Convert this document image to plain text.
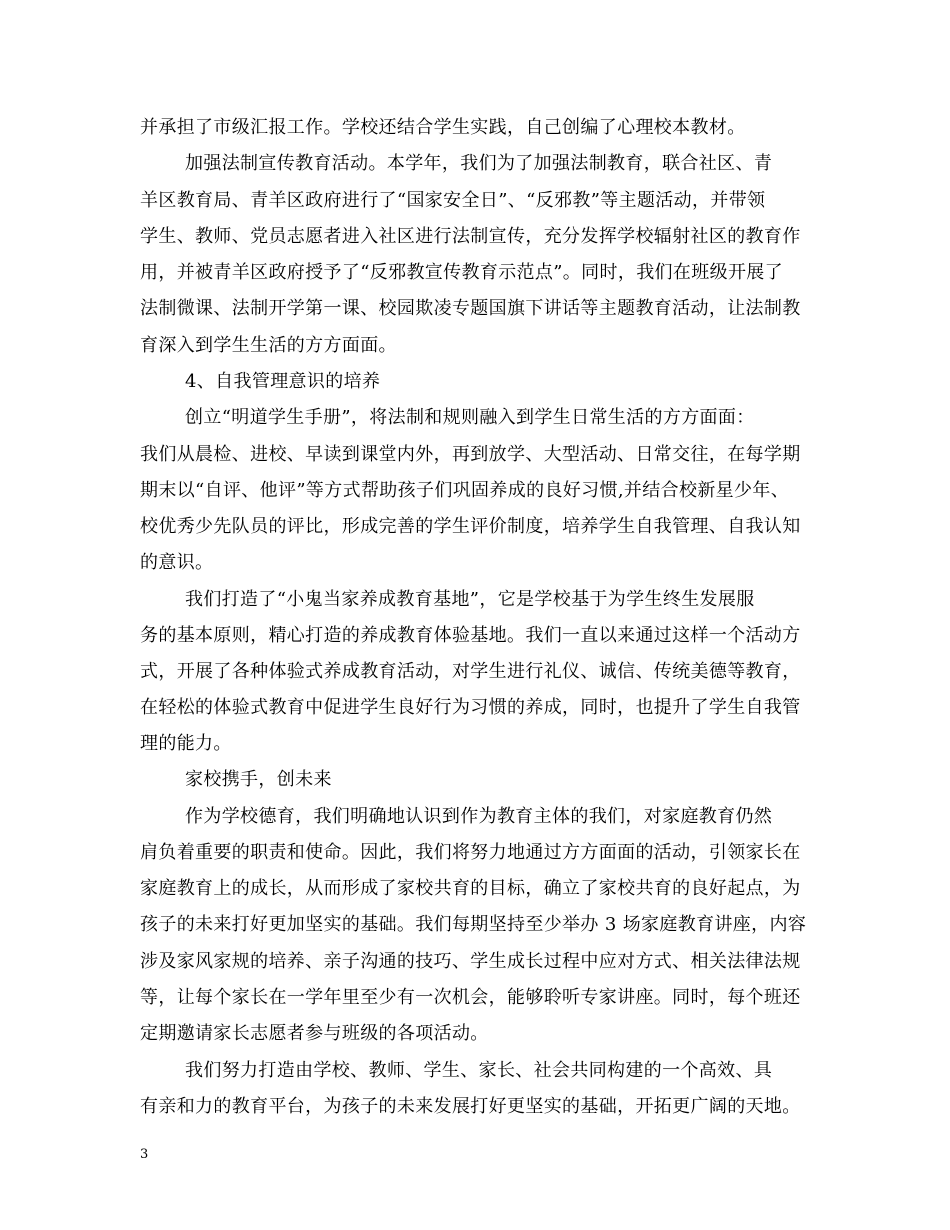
并承担了市级汇报工作。学校还结合学生实践，自己创编了心理校本教材。
加强法制宣传教育活动。本学年，我们为了加强法制教育，联合社区、青
羊区教育局、青羊区政府进行了“国家安全日”、“反邪教”等主题活动，并带领
学生、教师、党员志愿者进入社区进行法制宣传，充分发挥学校辐射社区的教育作
用，并被青羊区政府授予了“反邪教宣传教育示范点”。同时，我们在班级开展了
法制微课、法制开学第一课、校园欺凌专题国旗下讲话等主题教育活动，让法制教
育深入到学生生活的方方面面。
4、自我管理意识的培养
创立“明道学生手册”，将法制和规则融入到学生日常生活的方方面面：
我们从晨检、进校、早读到课堂内外，再到放学、大型活动、日常交往，在每学期
期末以“自评、他评”等方式帮助孩子们巩固养成的良好习惯,并结合校新星少年、
校优秀少先队员的评比，形成完善的学生评价制度，培养学生自我管理、自我认知
的意识。
我们打造了“小鬼当家养成教育基地”，它是学校基于为学生终生发展服
务的基本原则，精心打造的养成教育体验基地。我们一直以来通过这样一个活动方
式，开展了各种体验式养成教育活动，对学生进行礼仪、诚信、传统美德等教育，
在轻松的体验式教育中促进学生良好行为习惯的养成，同时，也提升了学生自我管
理的能力。
家校携手，创未来
作为学校德育，我们明确地认识到作为教育主体的我们，对家庭教育仍然
肩负着重要的职责和使命。因此，我们将努力地通过方方面面的活动，引领家长在
家庭教育上的成长，从而形成了家校共育的目标，确立了家校共育的良好起点，为
孩子的未来打好更加坚实的基础。我们每期坚持至少举办 3 场家庭教育讲座，内容
涉及家风家规的培养、亲子沟通的技巧、学生成长过程中应对方式、相关法律法规
等，让每个家长在一学年里至少有一次机会，能够聆听专家讲座。同时，每个班还
定期邀请家长志愿者参与班级的各项活动。
我们努力打造由学校、教师、学生、家长、社会共同构建的一个高效、具
有亲和力的教育平台，为孩子的未来发展打好更坚实的基础，开拓更广阔的天地。
3
